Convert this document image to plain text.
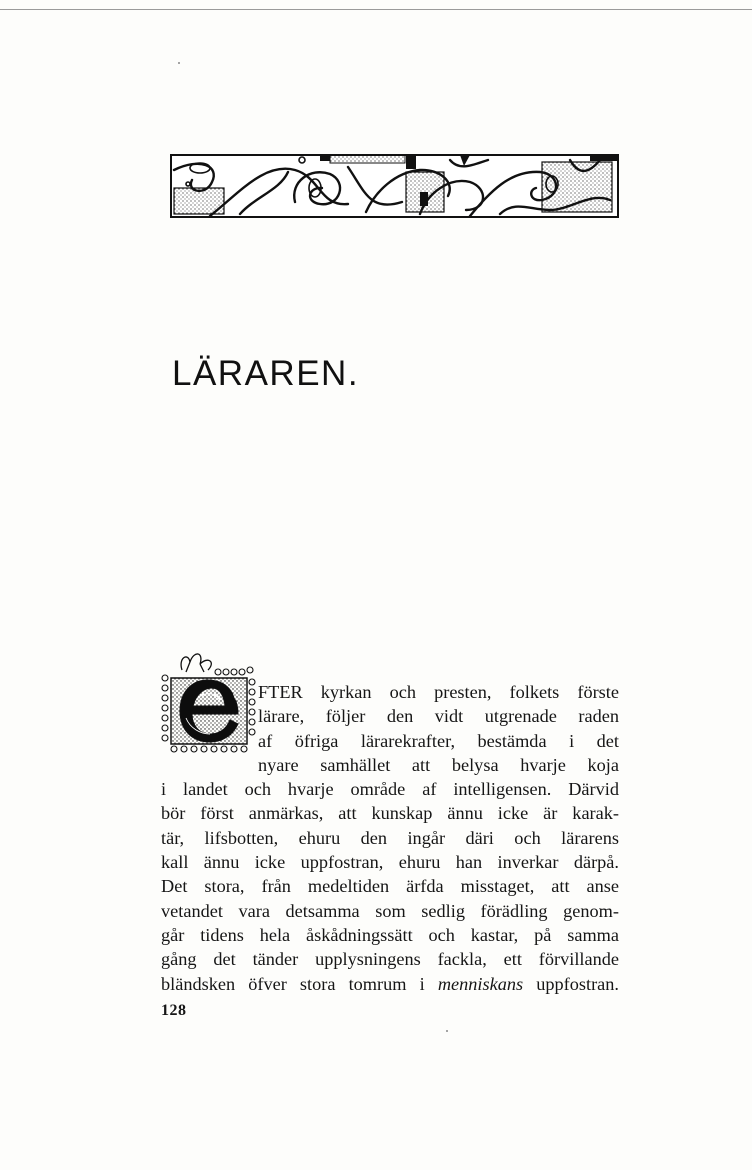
LÄRAREN.
FTER kyrkan och presten, folkets förste
lärare, följer den vidt utgrenade raden
af öfriga lärarekrafter, bestämda i det
nyare samhället att belysa hvarje koja
i landet och hvarje område af intelligensen. Därvid
bör först anmärkas, att kunskap ännu icke är karak-
tär, lifsbotten, ehuru den ingår däri och lärarens
kall ännu icke uppfostran, ehuru han inverkar därpå.
Det stora, från medeltiden ärfda misstaget, att anse
vetandet vara detsamma som sedlig förädling genom-
går tidens hela åskådningssätt och kastar, på samma
gång det tänder upplysningens fackla, ett förvillande
bländsken öfver stora tomrum i menniskans uppfostran.
128
